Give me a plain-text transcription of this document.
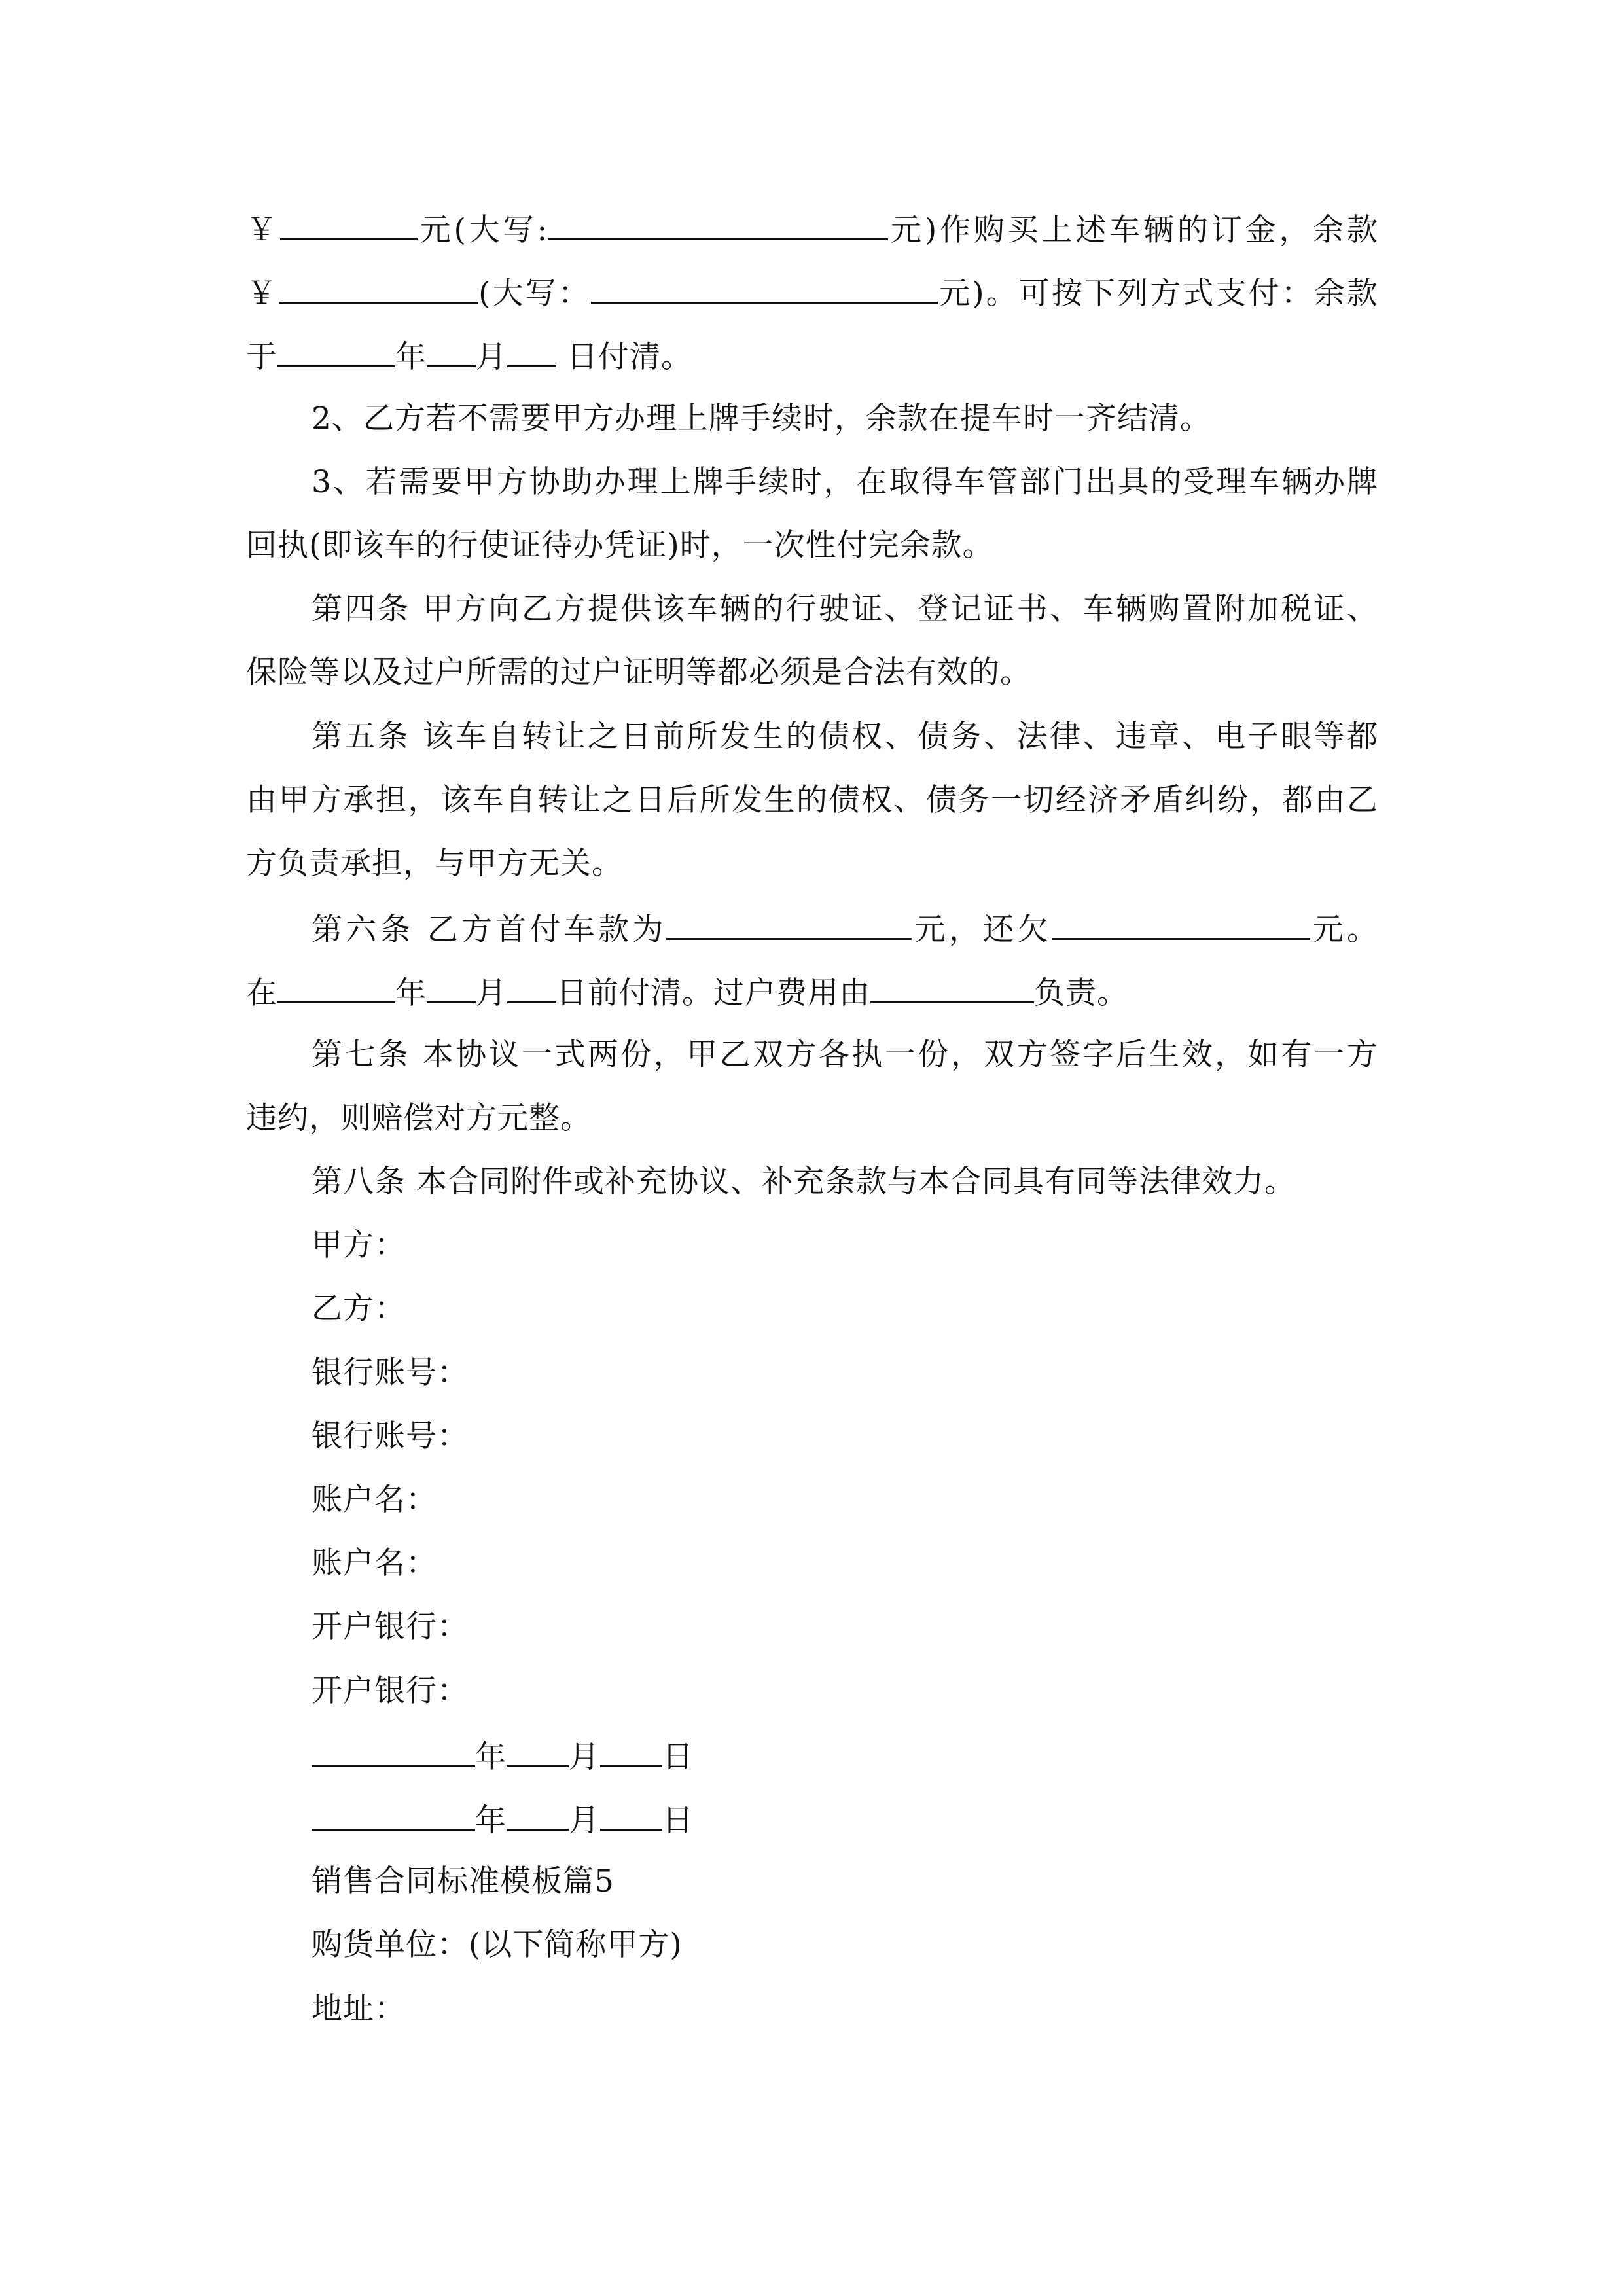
￥	元(大写:	元)作购买上述车辆的订金，余款
￥	(大写：	元)。可按下列方式支付：余款
于	年 月 日付清。
2、乙方若不需要甲方办理上牌手续时，余款在提车时一齐结清。
3、若需要甲方协助办理上牌手续时，在取得车管部门出具的受理车辆办牌
回执(即该车的行使证待办凭证)时，一次性付完余款。
第四条 甲方向乙方提供该车辆的行驶证、登记证书、车辆购置附加税证、
保险等以及过户所需的过户证明等都必须是合法有效的。
第五条 该车自转让之日前所发生的债权、债务、法律、违章、电子眼等都
由甲方承担，该车自转让之日后所发生的债权、债务一切经济矛盾纠纷，都由乙
方负责承担，与甲方无关。
第六条 乙方首付车款为	元，还欠	元。
在	年 月 日前付清。过户费用由	负责。
第七条 本协议一式两份，甲乙双方各执一份，双方签字后生效，如有一方
违约，则赔偿对方元整。
第八条 本合同附件或补充协议、补充条款与本合同具有同等法律效力。
甲方：
乙方：
银行账号：
银行账号：
账户名：
账户名：
开户银行：
开户银行：
年 月 日
年 月 日
销售合同标准模板篇5
购货单位：(以下简称甲方)
地址：
